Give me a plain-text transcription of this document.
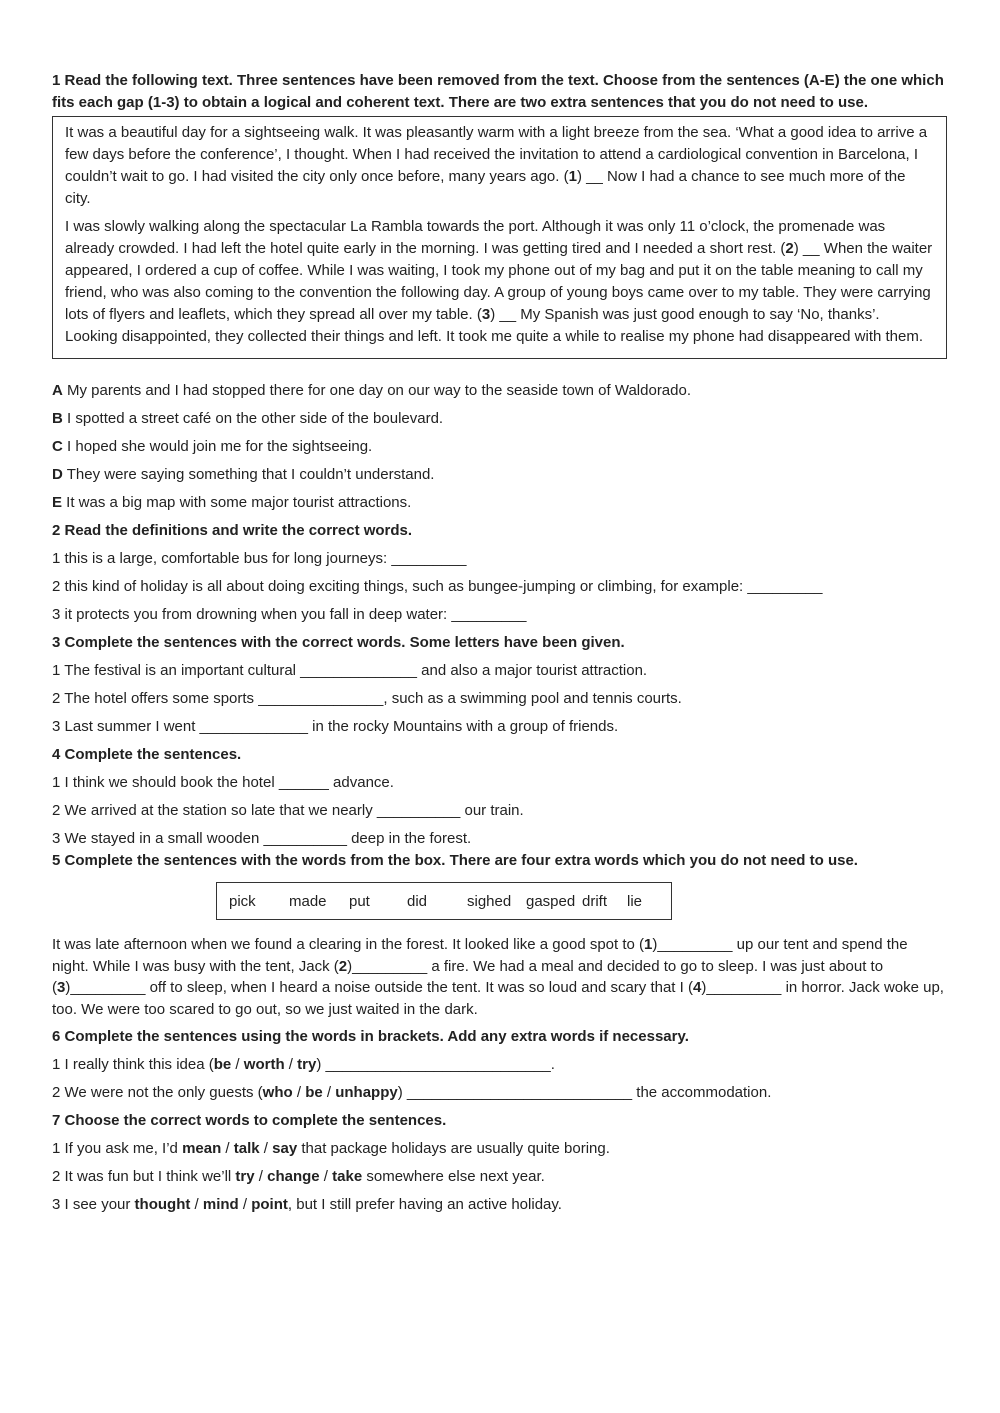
1 Read the following text. Three sentences have been removed from the text. Choose from the sentences (A-E) the one which fits each gap (1-3) to obtain a logical and coherent text. There are two extra sentences that you do not need to use.

It was a beautiful day for a sightseeing walk. It was pleasantly warm with a light breeze from the sea. ‘What a good idea to arrive a few days before the conference’, I thought. When I had received the invitation to attend a cardiological convention in Barcelona, I couldn’t wait to go. I had visited the city only once before, many years ago. (1) __ Now I had a chance to see much more of the city.

I was slowly walking along the spectacular La Rambla towards the port. Although it was only 11 o’clock, the promenade was already crowded. I had left the hotel quite early in the morning. I was getting tired and I needed a short rest. (2) __ When the waiter appeared, I ordered a cup of coffee. While I was waiting, I took my phone out of my bag and put it on the table meaning to call my friend, who was also coming to the convention the following day. A group of young boys came over to my table. They were carrying lots of flyers and leaflets, which they spread all over my table. (3) __ My Spanish was just good enough to say ‘No, thanks’. Looking disappointed, they collected their things and left. It took me quite a while to realise my phone had disappeared with them.

A My parents and I had stopped there for one day on our way to the seaside town of Waldorado.

B I spotted a street café on the other side of the boulevard.

C I hoped she would join me for the sightseeing.

D They were saying something that I couldn’t understand.

E It was a big map with some major tourist attractions.

2 Read the definitions and write the correct words.

1 this is a large, comfortable bus for long journeys: _________

2 this kind of holiday is all about doing exciting things, such as bungee-jumping or climbing, for example: _________

3 it protects you from drowning when you fall in deep water: _________

3 Complete the sentences with the correct words. Some letters have been given.

1 The festival is an important cultural ______________ and also a major tourist attraction.

2 The hotel offers some sports _______________, such as a swimming pool and tennis courts.

3 Last summer I went _____________ in the rocky Mountains with a group of friends.

4 Complete the sentences.

1 I think we should book the hotel ______ advance.

2 We arrived at the station so late that we nearly __________ our train.

3 We stayed in a small wooden __________ deep in the forest.

5 Complete the sentences with the words from the box. There are four extra words which you do not need to use.

pick	made	put	did	sighed gasped drift	lie

It was late afternoon when we found a clearing in the forest. It looked like a good spot to (1)_________ up our tent and spend the night. While I was busy with the tent, Jack (2)_________ a fire. We had a meal and decided to go to sleep. I was just about to (3)_________ off to sleep, when I heard a noise outside the tent. It was so loud and scary that I (4)_________ in horror. Jack woke up, too. We were too scared to go out, so we just waited in the dark.

6 Complete the sentences using the words in brackets. Add any extra words if necessary.

1 I really think this idea (be / worth / try) ___________________________.

2 We were not the only guests (who / be / unhappy) ___________________________ the accommodation.

7 Choose the correct words to complete the sentences.

1 If you ask me, I’d mean / talk / say that package holidays are usually quite boring.

2 It was fun but I think we’ll try / change / take somewhere else next year.

3 I see your thought / mind / point, but I still prefer having an active holiday.
